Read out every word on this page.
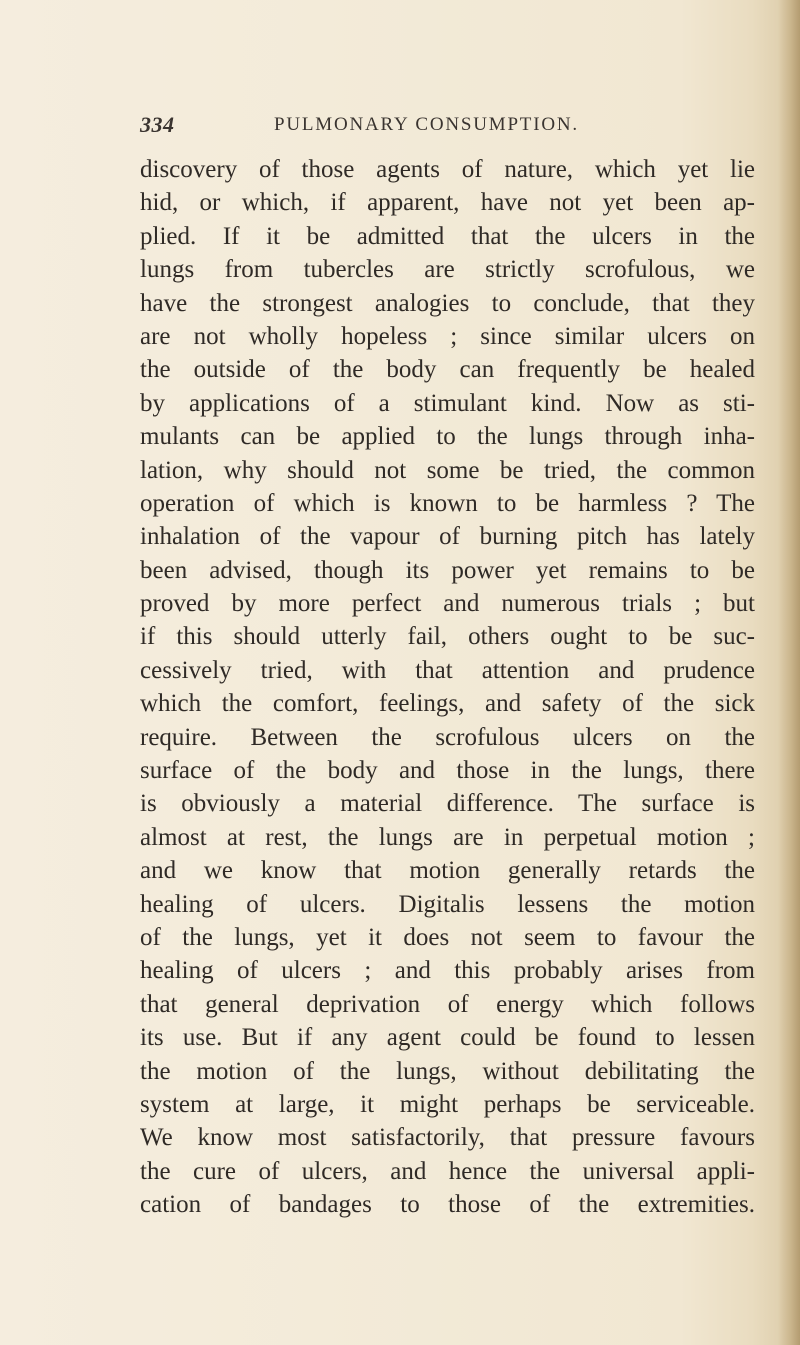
334	PULMONARY CONSUMPTION.
discovery of those agents of nature, which yet lie
hid, or which, if apparent, have not yet been ap-
plied. If it be admitted that the ulcers in the
lungs from tubercles are strictly scrofulous, we
have the strongest analogies to conclude, that they
are not wholly hopeless ; since similar ulcers on
the outside of the body can frequently be healed
by applications of a stimulant kind. Now as sti-
mulants can be applied to the lungs through inha-
lation, why should not some be tried, the common
operation of which is known to be harmless ? The
inhalation of the vapour of burning pitch has lately
been advised, though its power yet remains to be
proved by more perfect and numerous trials ; but
if this should utterly fail, others ought to be suc-
cessively tried, with that attention and prudence
which the comfort, feelings, and safety of the sick
require. Between the scrofulous ulcers on the
surface of the body and those in the lungs, there
is obviously a material difference. The surface is
almost at rest, the lungs are in perpetual motion ;
and we know that motion generally retards the
healing of ulcers. Digitalis lessens the motion
of the lungs, yet it does not seem to favour the
healing of ulcers ; and this probably arises from
that general deprivation of energy which follows
its use. But if any agent could be found to lessen
the motion of the lungs, without debilitating the
system at large, it might perhaps be serviceable.
We know most satisfactorily, that pressure favours
the cure of ulcers, and hence the universal appli-
cation of bandages to those of the extremities.
